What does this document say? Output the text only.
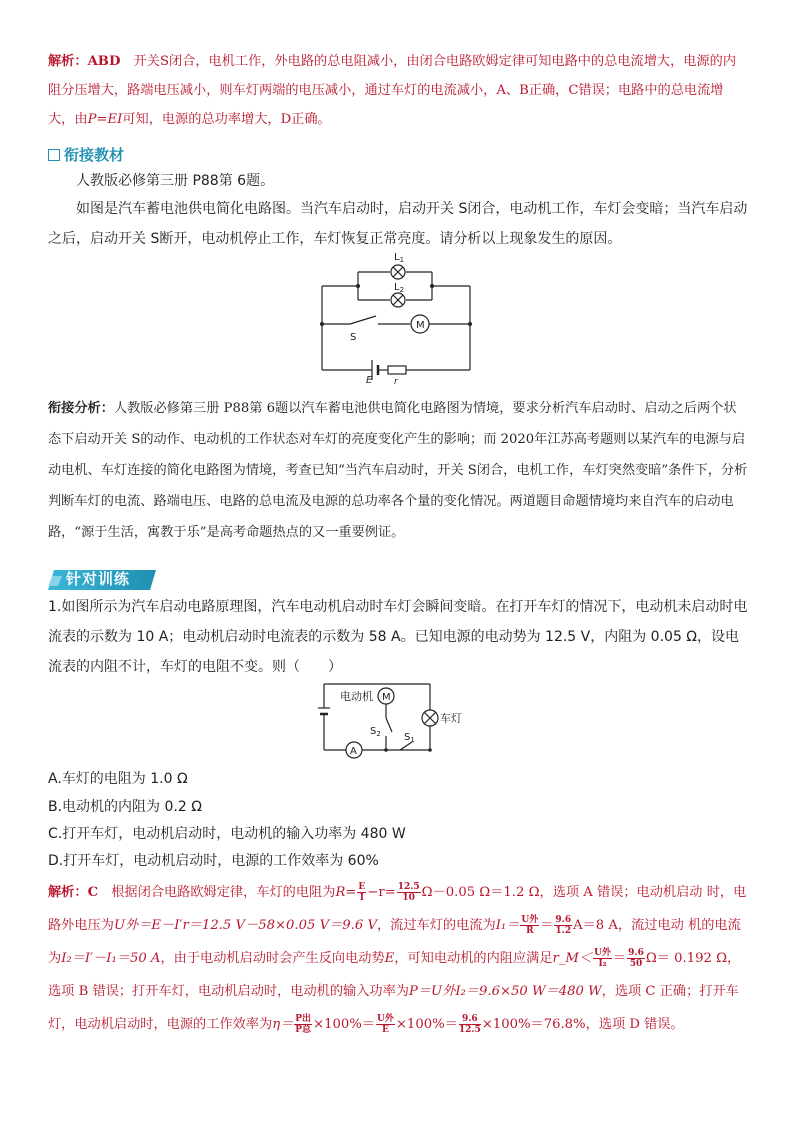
解析：ABD　 开关S闭合，电机工作，外电路的总电阻减小，由闭合电路欧姆定律可知电路中的总电流增大，电源的内阻分压增大，路端电压减小，则车灯两端的电压减小，通过车灯的电流减小，A、B正确，C错误；电路中的总电流增大，由P=EI可知，电源的总功率增大，D正确。

衔接教材

人教版必修第三册 P88第 6题。

如图是汽车蓄电池供电简化电路图。当汽车启动时，启动开关 S闭合，电动机工作，车灯会变暗；当汽车启动之后，启动开关 S断开，电动机停止工作，车灯恢复正常亮度。请分析以上现象发生的原因。

$L_1$
$L_2$
S
M
E r

衔接分析：人教版必修第三册 P88第 6题以汽车蓄电池供电简化电路图为情境，要求分析汽车启动时、启动之后两个状态下启动开关 S的动作、电动机的工作状态对车灯的亮度变化产生的影响；而 2020年江苏高考题则以某汽车的电源与启动电机、车灯连接的简化电路图为情境，考查已知“当汽车启动时，开关 S闭合，电机工作，车灯突然变暗”条件下，分析判断车灯的电流、路端电压、电路的总电流及电源的总功率各个量的变化情况。两道题目命题情境均来自汽车的启动电路，“源于生活，寓教于乐”是高考命题热点的又一重要例证。

针对训练

1.如图所示为汽车启动电路原理图，汽车电动机启动时车灯会瞬间变暗。在打开车灯的情况下，电动机未启动时电流表的示数为 10 A；电动机启动时电流表的示数为 58 A。已知电源的电动势为 12.5 V，内阻为 0.05 Ω，设电流表的内阻不计，车灯的电阻不变。则（　　）

电动机 M
车灯
$S_2$ $S_1$
A

A.车灯的电阻为 1.0 Ω

B.电动机的内阻为 0.2 Ω

C.打开车灯，电动机启动时，电动机的输入功率为 480 W

D.打开车灯，电动机启动时，电源的工作效率为 60%

解析：C　 根据闭合电路欧姆定律，车灯的电阻为$R= \frac{E}{I} -r= \frac{12.5}{10} \Omega-0.05$ Ω＝1.2 Ω，选项 A 错误；电动机启动 时，电路外电压为U外＝E－I′r＝12.5 V－58×0.05 V＝9.6 V，流过车灯的电流为$I_1= \frac{\text{U外}}{R} = \frac{9.6}{1.2} A=8$ A，流过电动 机的电流为I₂＝I′－I₁＝50 A，由于电动机启动时会产生反向电动势E，可知电动机的内阻应满足r_M＜ $\frac{\text{U外}}{\text{I₂}} = \frac{9.6}{50} \Omega= 0.192$ Ω，选项 B 错误；打开车灯，电动机启动时，电动机的输入功率为P＝U外I₂＝9.6×50 W＝480 W，选项 C 正确；打开车灯，电动机启动时，电源的工作效率为$\eta= \frac{\text{P出}}{\text{P总}} \times 100\%= \frac{\text{U外}}{E} \times 100\%= \frac{9.6}{12.5} \times 100\%=76.8\%$，选项 D 错误。
